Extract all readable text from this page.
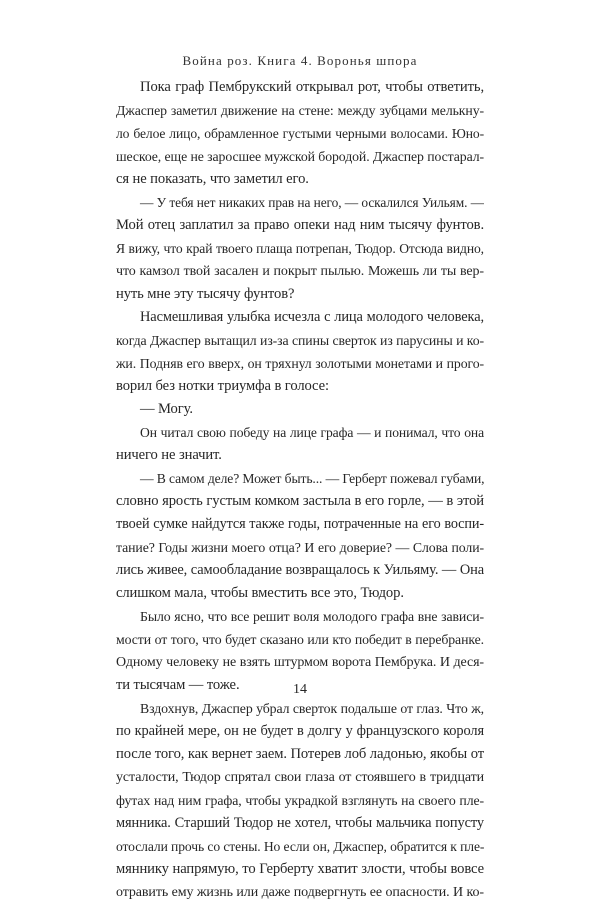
Война роз. Книга 4. Воронья шпора
Пока граф Пембрукский открывал рот, чтобы ответить,
Джаспер заметил движение на стене: между зубцами мелькну-
ло белое лицо, обрамленное густыми черными волосами. Юно-
шеское, еще не заросшее мужской бородой. Джаспер постарал-
ся не показать, что заметил его.
— У тебя нет никаких прав на него, — оскалился Уильям. —
Мой отец заплатил за право опеки над ним тысячу фунтов.
Я вижу, что край твоего плаща потрепан, Тюдор. Отсюда видно,
что камзол твой засален и покрыт пылью. Можешь ли ты вер-
нуть мне эту тысячу фунтов?
Насмешливая улыбка исчезла с лица молодого человека,
когда Джаспер вытащил из-за спины сверток из парусины и ко-
жи. Подняв его вверх, он тряхнул золотыми монетами и прого-
ворил без нотки триумфа в голосе:
— Могу.
Он читал свою победу на лице графа — и понимал, что она
ничего не значит.
— В самом деле? Может быть... — Герберт пожевал губами,
словно ярость густым комком застыла в его горле, — в этой
твоей сумке найдутся также годы, потраченные на его воспи-
тание? Годы жизни моего отца? И его доверие? — Слова поли-
лись живее, самообладание возвращалось к Уильяму. — Она
слишком мала, чтобы вместить все это, Тюдор.
Было ясно, что все решит воля молодого графа вне зависи-
мости от того, что будет сказано или кто победит в перебранке.
Одному человеку не взять штурмом ворота Пембрука. И деся-
ти тысячам — тоже.
Вздохнув, Джаспер убрал сверток подальше от глаз. Что ж,
по крайней мере, он не будет в долгу у французского короля
после того, как вернет заем. Потерев лоб ладонью, якобы от
усталости, Тюдор спрятал свои глаза от стоявшего в тридцати
футах над ним графа, чтобы украдкой взглянуть на своего пле-
мянника. Старший Тюдор не хотел, чтобы мальчика попусту
отослали прочь со стены. Но если он, Джаспер, обратится к пле-
мяннику напрямую, то Герберту хватит злости, чтобы вовсе
отравить ему жизнь или даже подвергнуть ее опасности. И ко-
14
